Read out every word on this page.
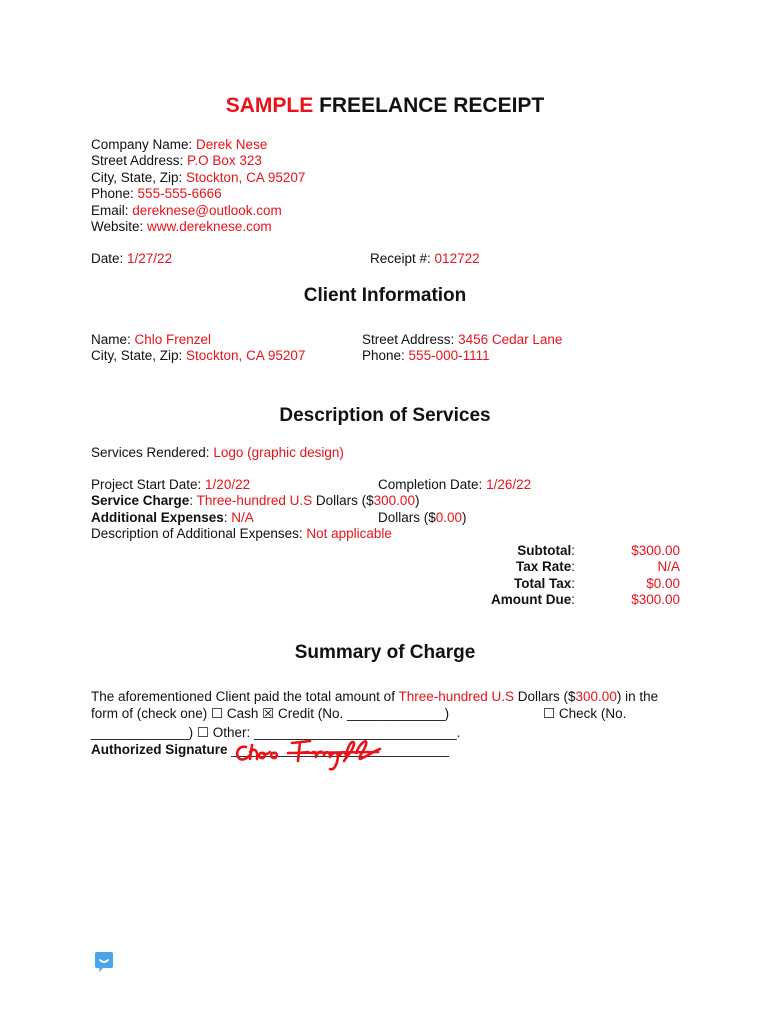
SAMPLE FREELANCE RECEIPT
Company Name: Derek Nese
Street Address: P.O Box 323
City, State, Zip: Stockton, CA 95207
Phone: 555-555-6666
Email: dereknese@outlook.com
Website: www.dereknese.com
Date: 1/27/22	Receipt #: 012722
Client Information
Name: Chlo Frenzel
City, State, Zip: Stockton, CA 95207
Street Address: 3456 Cedar Lane
Phone: 555-000-1111
Description of Services
Services Rendered: Logo (graphic design)
Project Start Date: 1/20/22	Completion Date: 1/26/22
Service Charge: Three-hundred U.S Dollars ($300.00)
Additional Expenses: N/A	Dollars ($0.00)
Description of Additional Expenses: Not applicable
Subtotal:	$300.00
Tax Rate:	N/A
Total Tax:	$0.00
Amount Due:	$300.00
Summary of Charge
The aforementioned Client paid the total amount of Three-hundred U.S Dollars ($300.00) in the
form of (check one) ☐ Cash ☒ Credit (No. _____________)	☐ Check (No.
_____________) ☐ Other: ___________________________.
Authorized Signature _____________________________
